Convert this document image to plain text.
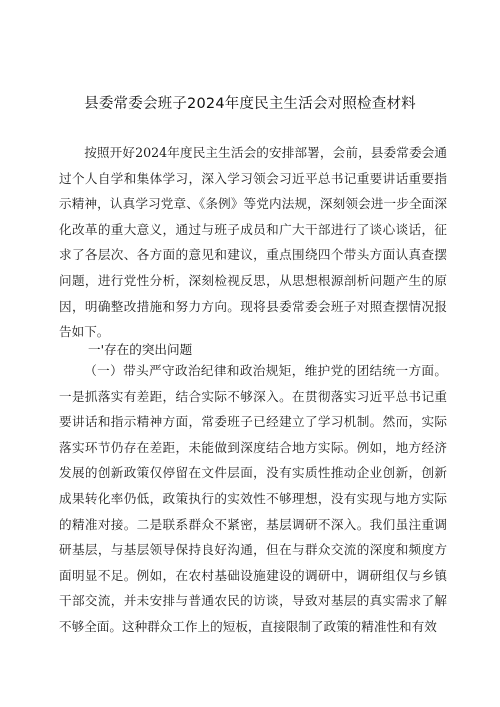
县委常委会班子2024年度民主生活会对照检查材料

按照开好2024年度民主生活会的安排部署，会前，县委常委会通过个人自学和集体学习，深入学习领会习近平总书记重要讲话重要指示精神，认真学习党章、《条例》等党内法规，深刻领会进一步全面深化改革的重大意义，通过与班子成员和广大干部进行了谈心谈话，征求了各层次、各方面的意见和建议，重点围绕四个带头方面认真查摆问题，进行党性分析，深刻检视反思，从思想根源剖析问题产生的原因，明确整改措施和努力方向。现将县委常委会班子对照查摆情况报告如下。

一'存在的突出问题

（一）带头严守政治纪律和政治规矩，维护党的团结统一方面。一是抓落实有差距，结合实际不够深入。在贯彻落实习近平总书记重要讲话和指示精神方面，常委班子已经建立了学习机制。然而，实际落实环节仍存在差距，未能做到深度结合地方实际。例如，地方经济发展的创新政策仅停留在文件层面，没有实质性推动企业创新，创新成果转化率仍低，政策执行的实效性不够理想，没有实现与地方实际的精准对接。二是联系群众不紧密，基层调研不深入。我们虽注重调研基层，与基层领导保持良好沟通，但在与群众交流的深度和频度方面明显不足。例如，在农村基础设施建设的调研中，调研组仅与乡镇干部交流，并未安排与普通农民的访谈，导致对基层的真实需求了解不够全面。这种群众工作上的短板，直接限制了政策的精准性和有效
